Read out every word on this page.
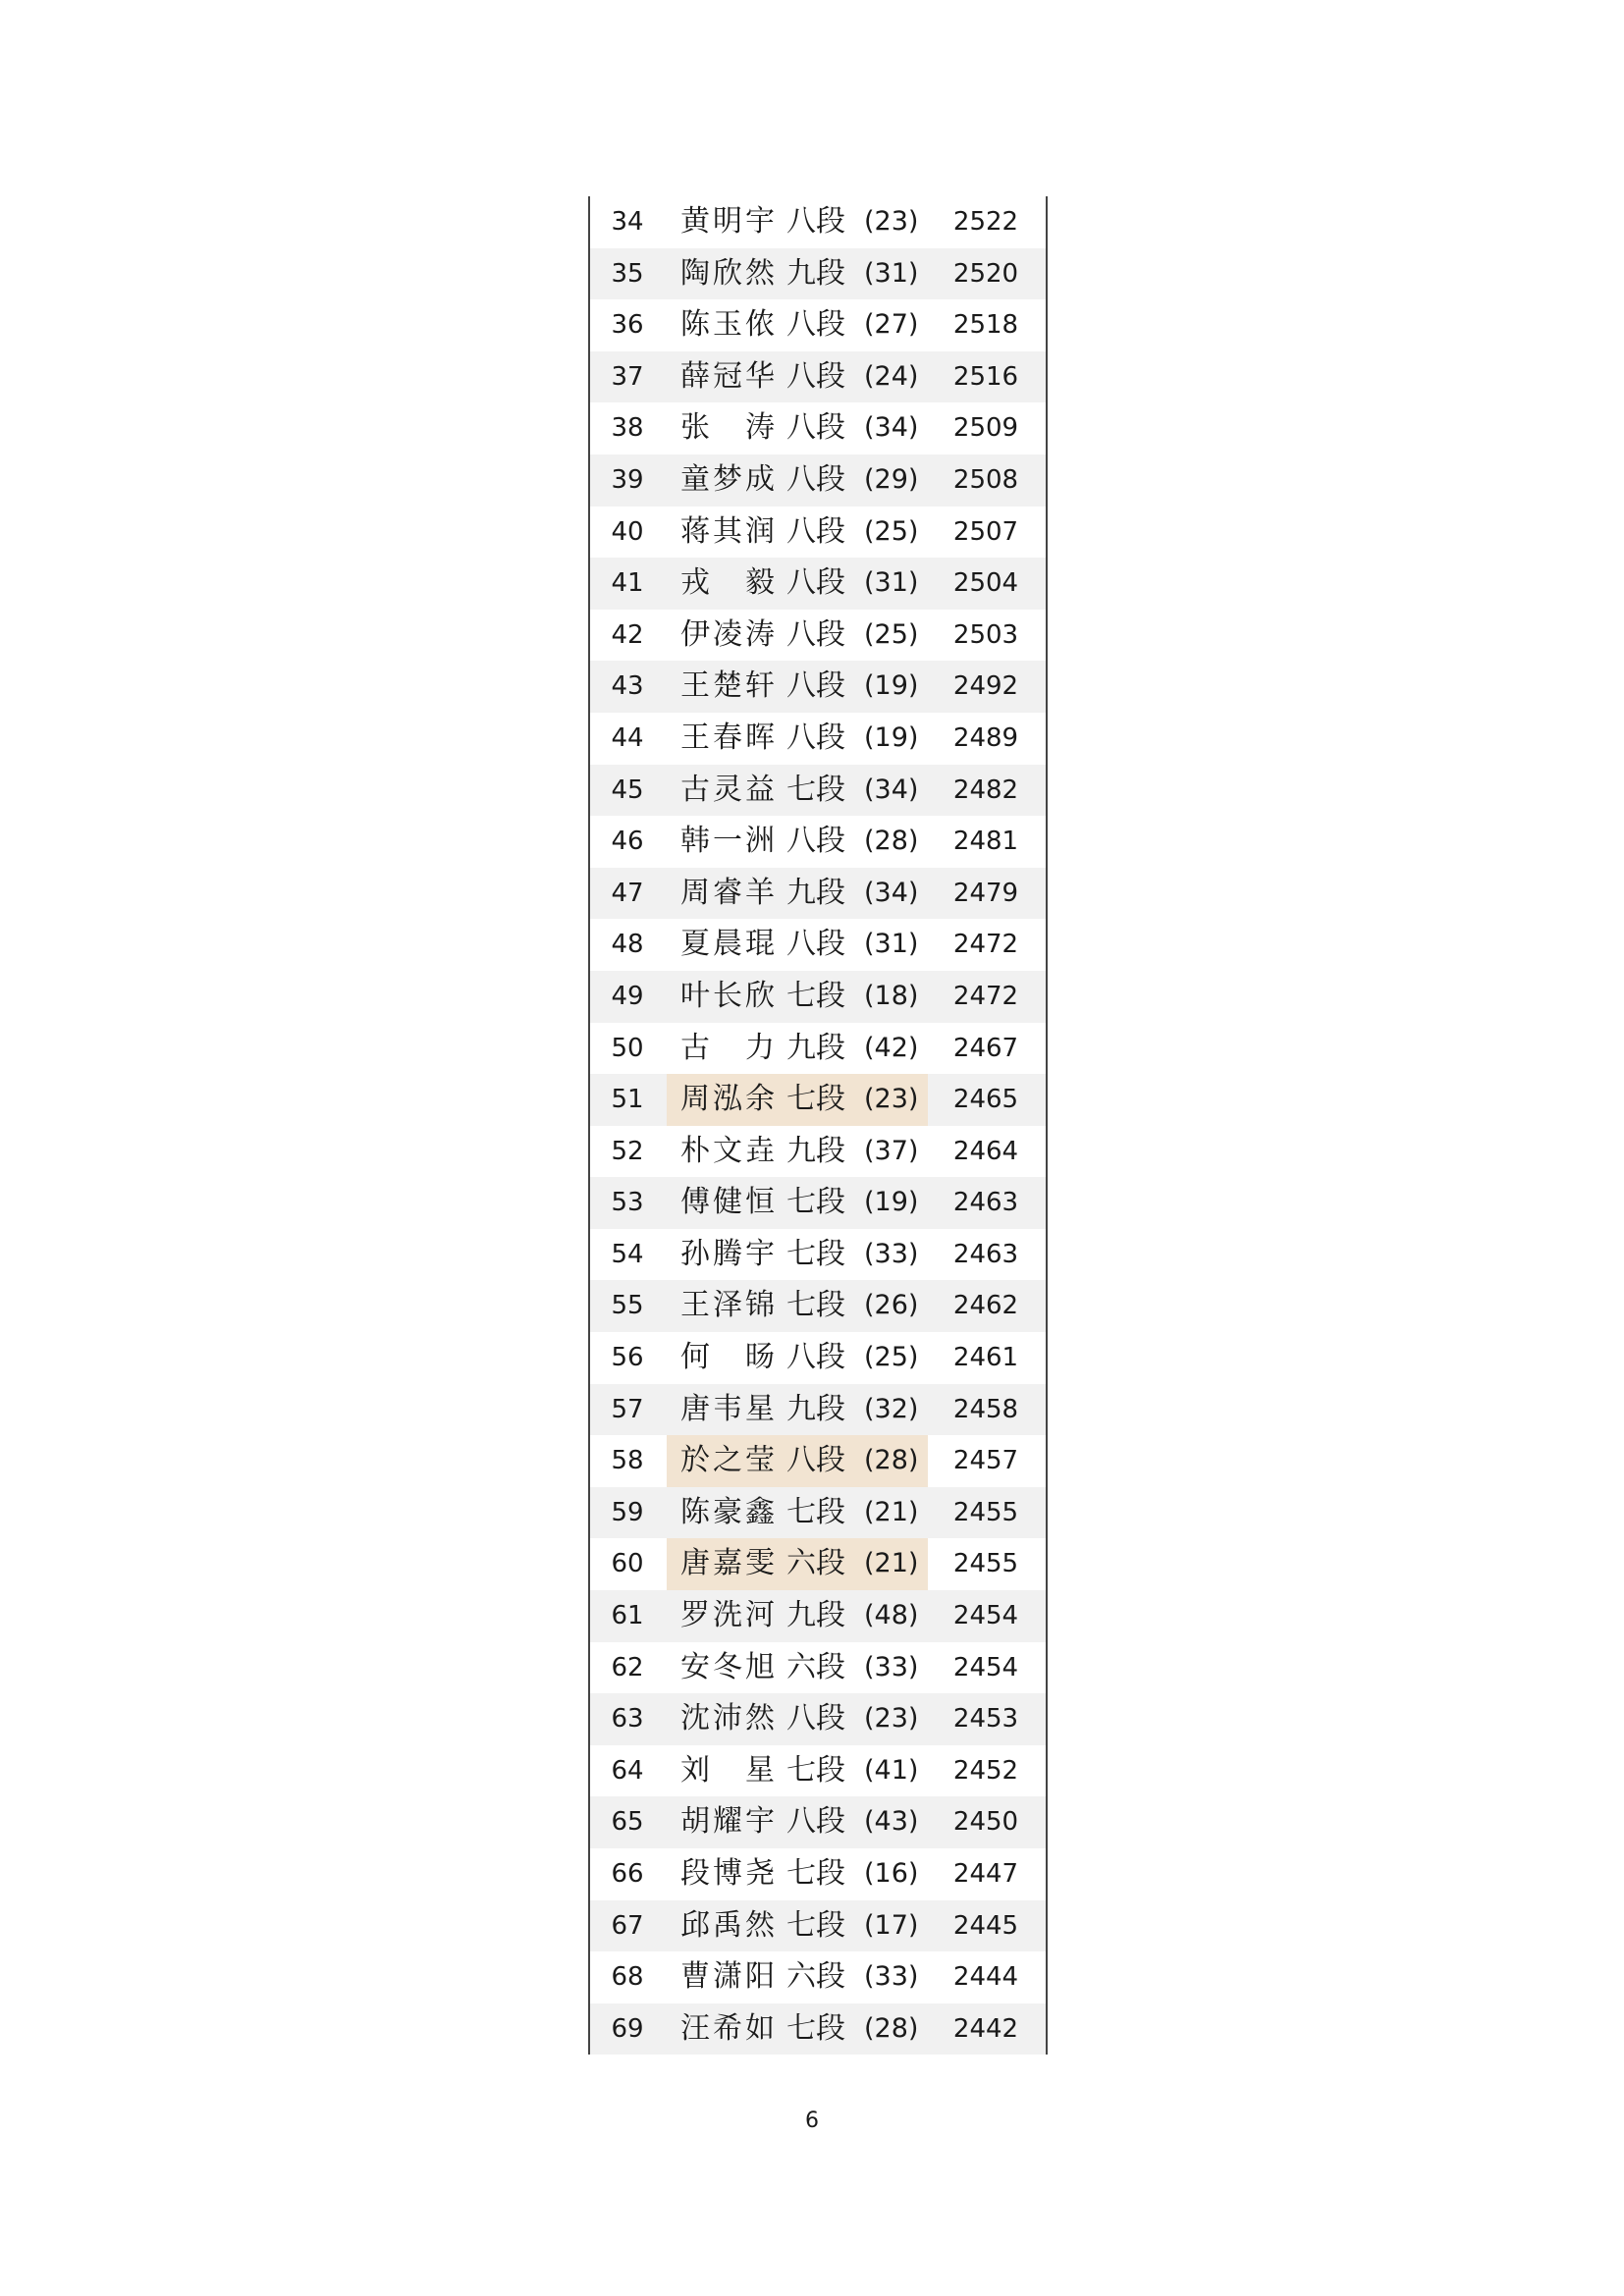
34	黄明宇 八段 (23)	2522
35	陶欣然 九段 (31)	2520
36	陈玉侬 八段 (27)	2518
37	薛冠华 八段 (24)	2516
38	张 涛 八段 (34)	2509
39	童梦成 八段 (29)	2508
40	蒋其润 八段 (25)	2507
41	戎 毅 八段 (31)	2504
42	伊凌涛 八段 (25)	2503
43	王楚轩 八段 (19)	2492
44	王春晖 八段 (19)	2489
45	古灵益 七段 (34)	2482
46	韩一洲 八段 (28)	2481
47	周睿羊 九段 (34)	2479
48	夏晨琨 八段 (31)	2472
49	叶长欣 七段 (18)	2472
50	古 力 九段 (42)	2467
51	周泓余 七段 (23)	2465
52	朴文垚 九段 (37)	2464
53	傅健恒 七段 (19)	2463
54	孙腾宇 七段 (33)	2463
55	王泽锦 七段 (26)	2462
56	何 旸 八段 (25)	2461
57	唐韦星 九段 (32)	2458
58	於之莹 八段 (28)	2457
59	陈豪鑫 七段 (21)	2455
60	唐嘉雯 六段 (21)	2455
61	罗洗河 九段 (48)	2454
62	安冬旭 六段 (33)	2454
63	沈沛然 八段 (23)	2453
64	刘 星 七段 (41)	2452
65	胡耀宇 八段 (43)	2450
66	段博尧 七段 (16)	2447
67	邱禹然 七段 (17)	2445
68	曹潇阳 六段 (33)	2444
69	汪希如 七段 (28)	2442
6
